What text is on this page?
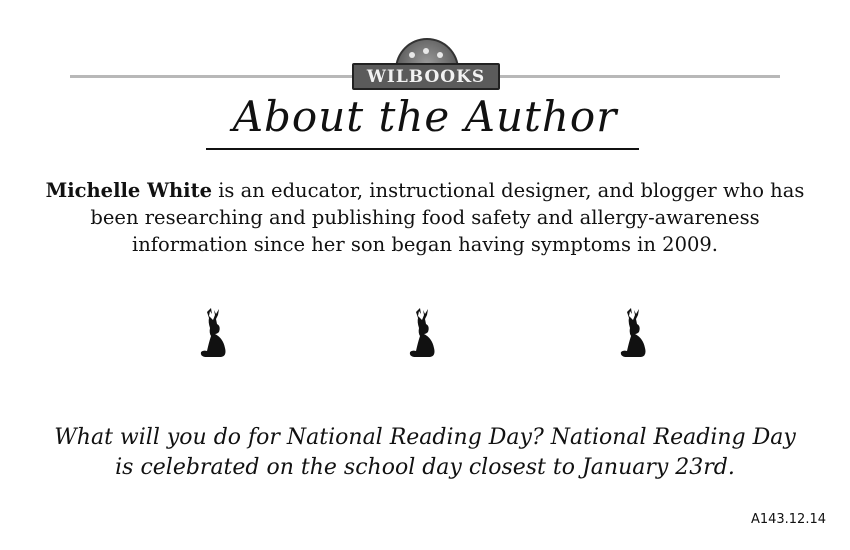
WILBOOKS
About the Author
Michelle White is an educator, instructional designer, and blogger who has been researching and publishing food safety and allergy-awareness information since her son began having symptoms in 2009.
What will you do for National Reading Day? National Reading Day
is celebrated on the school day closest to January 23rd.
A143.12.14
